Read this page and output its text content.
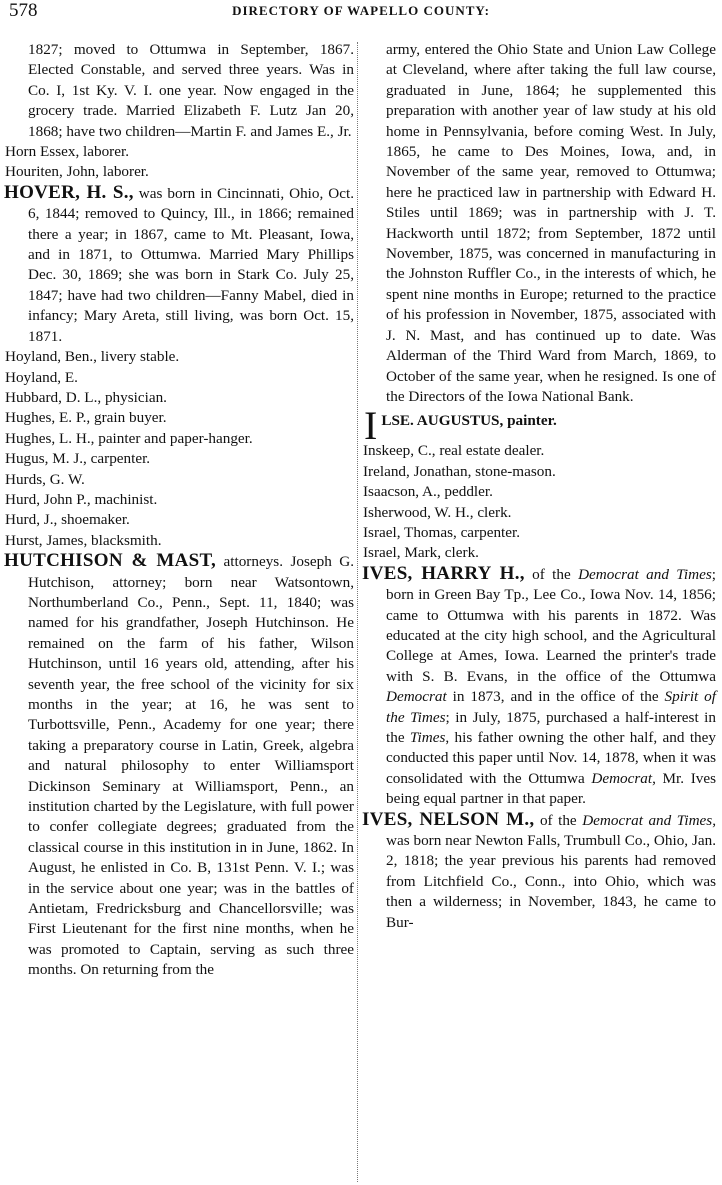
578	DIRECTORY OF WAPELLO COUNTY:

1827; moved to Ottumwa in September, 1867. Elected Constable, and served three years. Was in Co. I, 1st Ky. V. I. one year. Now engaged in the grocery trade. Married Elizabeth F. Lutz Jan 20, 1868; have two children—Martin F. and James E., Jr.

Horn Essex, laborer.
Houriten, John, laborer.

HOVER, H. S., was born in Cincinnati, Ohio, Oct. 6, 1844; removed to Quincy, Ill., in 1866; remained there a year; in 1867, came to Mt. Pleasant, Iowa, and in 1871, to Ottumwa. Married Mary Phillips Dec. 30, 1869; she was born in Stark Co. July 25, 1847; have had two children—Fanny Mabel, died in infancy; Mary Areta, still living, was born Oct. 15, 1871.

Hoyland, Ben., livery stable.
Hoyland, E.
Hubbard, D. L., physician.
Hughes, E. P., grain buyer.
Hughes, L. H., painter and paper-hanger.
Hugus, M. J., carpenter.
Hurds, G. W.
Hurd, John P., machinist.
Hurd, J., shoemaker.
Hurst, James, blacksmith.

HUTCHISON & MAST, attorneys. Joseph G. Hutchison, attorney; born near Watsontown, Northumberland Co., Penn., Sept. 11, 1840; was named for his grandfather, Joseph Hutchinson. He remained on the farm of his father, Wilson Hutchinson, until 16 years old, attending, after his seventh year, the free school of the vicinity for six months in the year; at 16, he was sent to Turbottsville, Penn., Academy for one year; there taking a preparatory course in Latin, Greek, algebra and natural philosophy to enter Williamsport Dickinson Seminary at Williamsport, Penn., an institution charted by the Legislature, with full power to confer collegiate degrees; graduated from the classical course in this institution in in June, 1862. In August, he enlisted in Co. B, 131st Penn. V. I.; was in the service about one year; was in the battles of Antietam, Fredricksburg and Chancellorsville; was First Lieutenant for the first nine months, when he was promoted to Captain, serving as such three months. On returning from the

army, entered the Ohio State and Union Law College at Cleveland, where after taking the full law course, graduated in June, 1864; he supplemented this preparation with another year of law study at his old home in Pennsylvania, before coming West. In July, 1865, he came to Des Moines, Iowa, and, in November of the same year, removed to Ottumwa; here he practiced law in partnership with Edward H. Stiles until 1869; was in partnership with J. T. Hackworth until 1872; from September, 1872 until November, 1875, was concerned in manufacturing in the Johnston Ruffler Co., in the interests of which, he spent nine months in Europe; returned to the practice of his profession in November, 1875, associated with J. N. Mast, and has continued up to date. Was Alderman of the Third Ward from March, 1869, to October of the same year, when he resigned. Is one of the Directors of the Iowa National Bank.

ILSE. AUGUSTUS, painter.
Inskeep, C., real estate dealer.
Ireland, Jonathan, stone-mason.
Isaacson, A., peddler.
Isherwood, W. H., clerk.
Israel, Thomas, carpenter.
Israel, Mark, clerk.

IVES, HARRY H., of the Democrat and Times; born in Green Bay Tp., Lee Co., Iowa Nov. 14, 1856; came to Ottumwa with his parents in 1872. Was educated at the city high school, and the Agricultural College at Ames, Iowa. Learned the printer's trade with S. B. Evans, in the office of the Ottumwa Democrat in 1873, and in the office of the Spirit of the Times; in July, 1875, purchased a half-interest in the Times, his father owning the other half, and they conducted this paper until Nov. 14, 1878, when it was consolidated with the Ottumwa Democrat, Mr. Ives being equal partner in that paper.

IVES, NELSON M., of the Democrat and Times, was born near Newton Falls, Trumbull Co., Ohio, Jan. 2, 1818; the year previous his parents had removed from Litchfield Co., Conn., into Ohio, which was then a wilderness; in November, 1843, he came to Bur-
